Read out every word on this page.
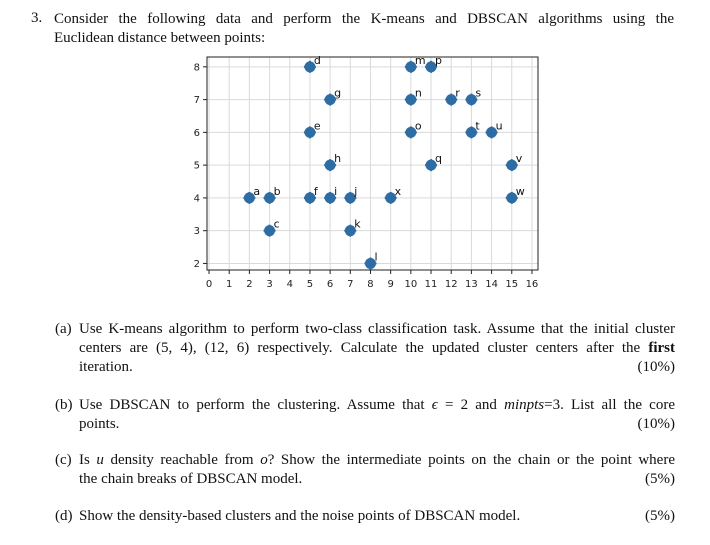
3. Consider the following data and perform the K-means and DBSCAN algorithms using the
Euclidean distance between points:
0 1 2 3 4 5 6 7 8 9 10 11 12 13 14 15 16
2
3
4
5
6
7
8
a b
c
d
e
f
g
h
i j
k
l
x
m
n
o
p
q
r s
t u
v
w
(a) Use K-means algorithm to perform two-class classification task. Assume that the initial cluster
centers are (5, 4), (12, 6) respectively. Calculate the updated cluster centers after the first
iteration.	(10%)
(b) Use DBSCAN to perform the clustering. Assume that ϵ = 2 and minpts=3. List all the core
points.	(10%)
(c) Is u density reachable from o? Show the intermediate points on the chain or the point where
the chain breaks of DBSCAN model.	(5%)
(d) Show the density-based clusters and the noise points of DBSCAN model.	(5%)
